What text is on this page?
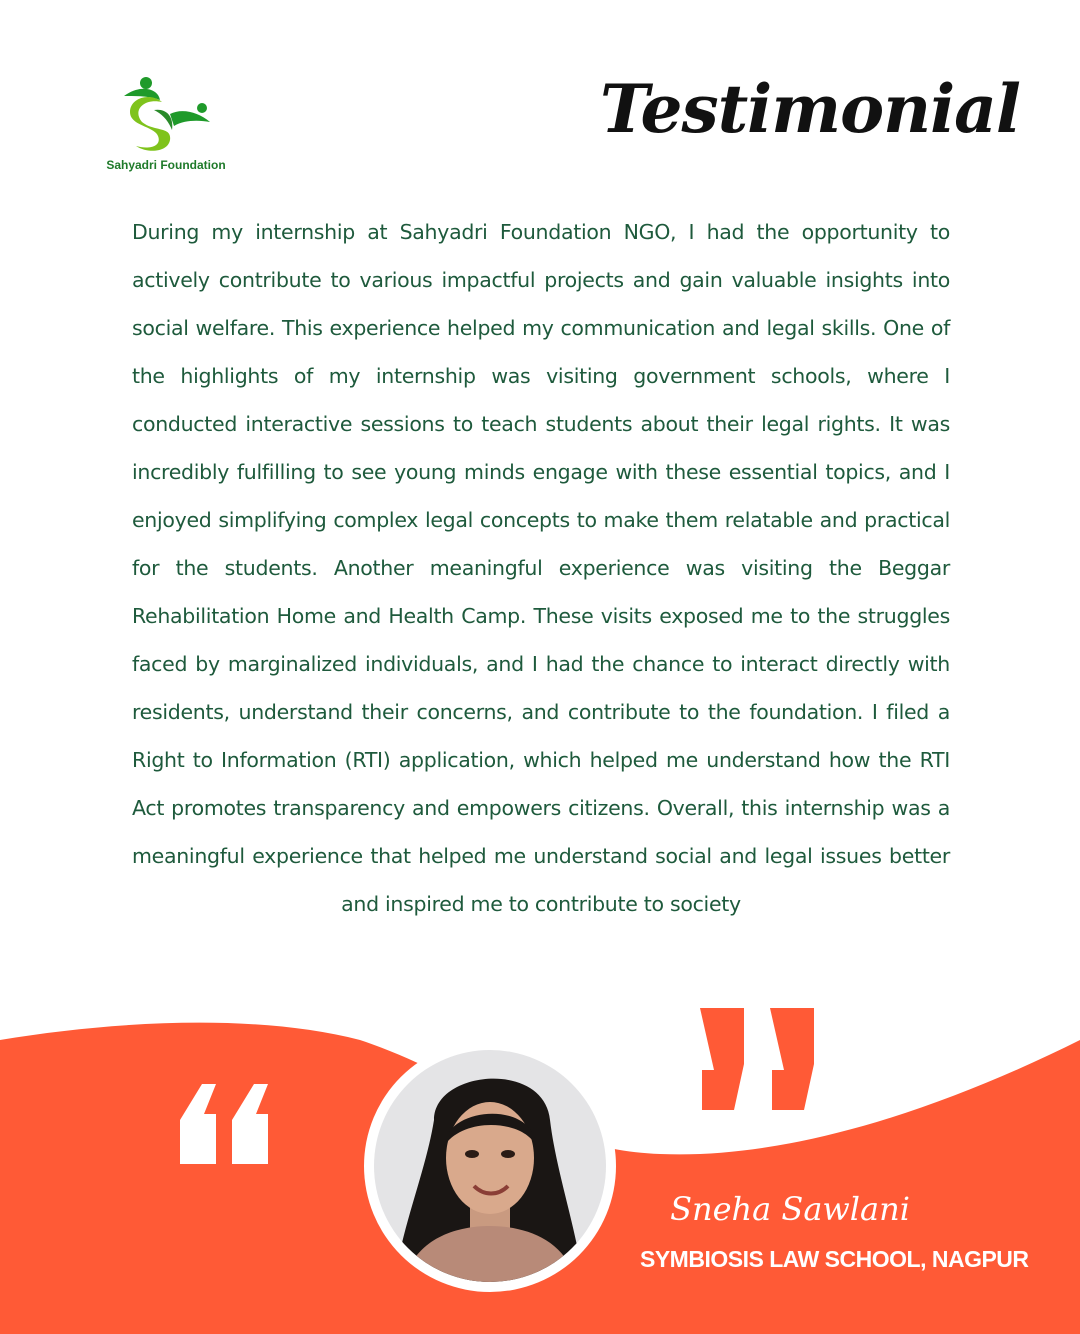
Sahyadri Foundation
Testimonial
During my internship at Sahyadri Foundation NGO, I had the opportunity to actively contribute to various impactful projects and gain valuable insights into social welfare. This experience helped my communication and legal skills. One of the highlights of my internship was visiting government schools, where I conducted interactive sessions to teach students about their legal rights. It was incredibly fulfilling to see young minds engage with these essential topics, and I enjoyed simplifying complex legal concepts to make them relatable and practical for the students. Another meaningful experience was visiting the Beggar Rehabilitation Home and Health Camp. These visits exposed me to the struggles faced by marginalized individuals, and I had the chance to interact directly with residents, understand their concerns, and contribute to the foundation. I filed a Right to Information (RTI) application, which helped me understand how the RTI Act promotes transparency and empowers citizens. Overall, this internship was a meaningful experience that helped me understand social and legal issues better and inspired me to contribute to society
Sneha Sawlani
SYMBIOSIS LAW SCHOOL, NAGPUR
